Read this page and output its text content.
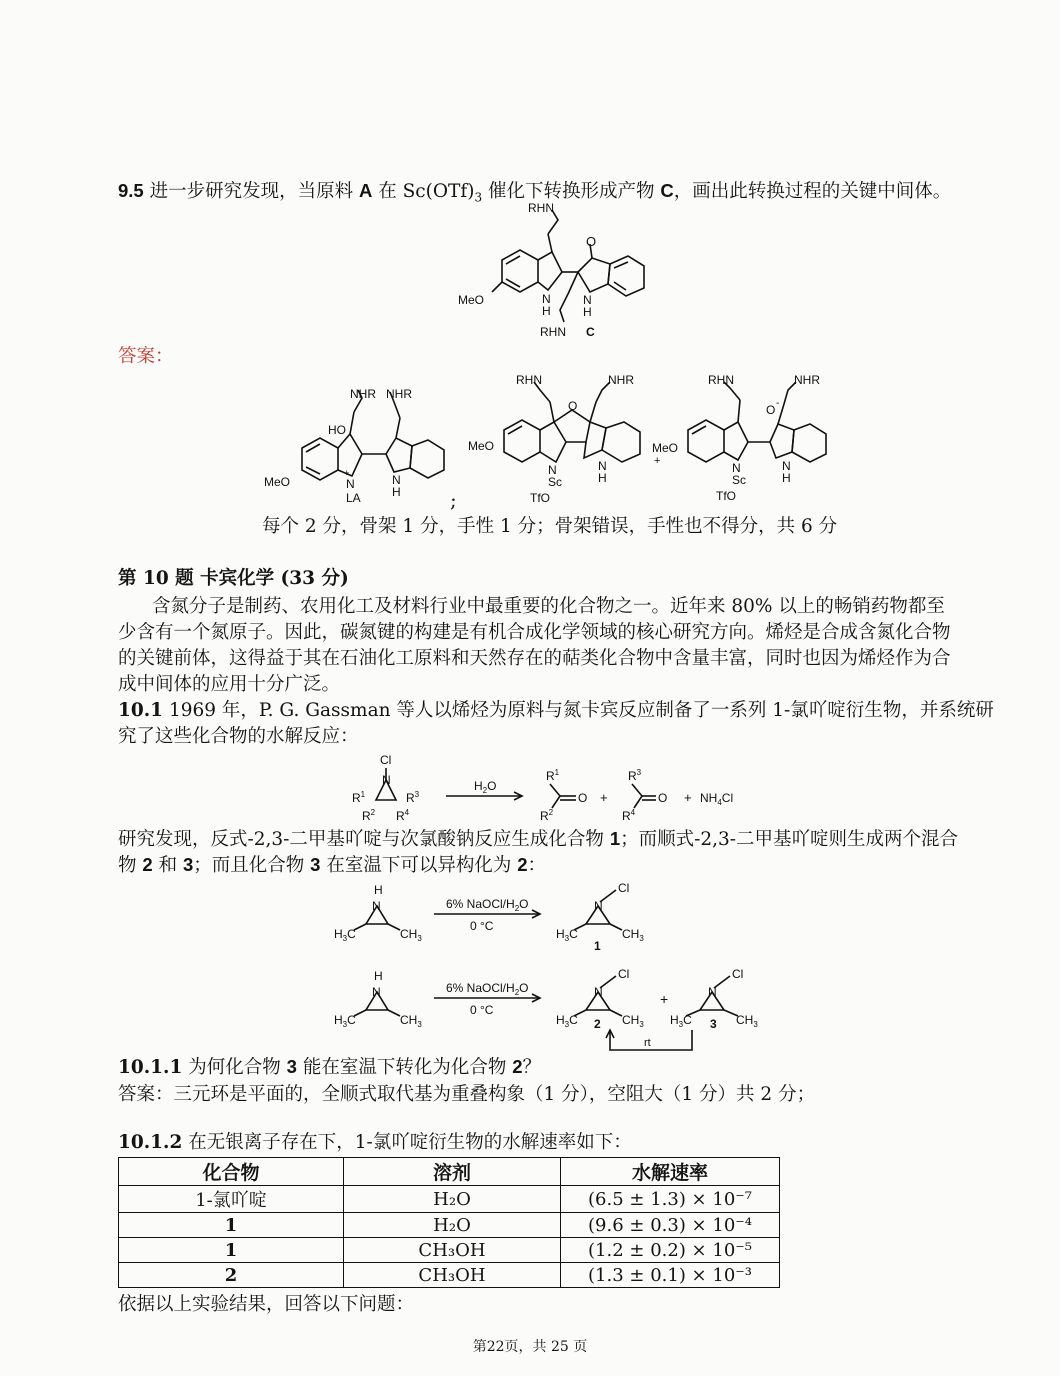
9.5 进一步研究发现，当原料 A 在 $Sc(OTf)_3$ 催化下转换形成产物 C，画出此转换过程的关键中间体。
RHN
O
MeO	N
H
N
H
RHN C
答案：
NHR NHR
HO
MeO	N
+
LA
N
H ;
RHN	NHR
O
MeO
N
Sc
TfO
N
H
RHN	NHR
O -
MeO
+	N
Sc
TfO
N
H
每个 2 分，骨架 1 分，手性 1 分；骨架错误，手性也不得分，共 6 分
第 10 题 卡宾化学 (33 分)
含氮分子是制药、农用化工及材料行业中最重要的化合物之一。近年来 80% 以上的畅销药物都至
少含有一个氮原子。因此，碳氮键的构建是有机合成化学领域的核心研究方向。烯烃是合成含氮化合物
的关键前体，这得益于其在石油化工原料和天然存在的萜类化合物中含量丰富，同时也因为烯烃作为合
成中间体的应用十分广泛。
10.1 1969 年，P. G. Gassman 等人以烯烃为原料与氮卡宾反应制备了一系列 1-氯吖啶衍生物，并系统研
究了这些化合物的水解反应：
Cl
N
$R^1$
$R^2$
$R^3$
$R^4$
$H_2O$
$R^1$
$R^2$
O +
$R^3$
$R^4$
$O + NH_4Cl$
研究发现，反式-2,3-二甲基吖啶与次氯酸钠反应生成化合物 1；而顺式-2,3-二甲基吖啶则生成两个混合
物 2 和 3；而且化合物 3 在室温下可以异构化为 2：
H
N
$H_3C$	$CH_3$
6% NaOCl/$H_2O$
0 °C
Cl
N
$H_3C$	$CH_3$
1
H
N
$H_3C$	$CH_3$
6% NaOCl/$H_2O$
0 °C
Cl
N
$H_3C$	$CH_3$
2
+
Cl
N
$H_3C$	$CH_3$
3
rt
10.1.1 为何化合物 3 能在室温下转化为化合物 2？
答案：三元环是平面的，全顺式取代基为重叠构象（1 分），空阻大（1 分）共 2 分；
10.1.2 在无银离子存在下，1-氯吖啶衍生物的水解速率如下：
化合物	溶剂	水解速率
1-氯吖啶	H₂O	(6.5 ± 1.3) × 10⁻⁷
1	H₂O	(9.6 ± 0.3) × 10⁻⁴
1	CH₃OH	(1.2 ± 0.2) × 10⁻⁵
2	CH₃OH	(1.3 ± 0.1) × 10⁻³
依据以上实验结果，回答以下问题：
第22页，共 25 页
